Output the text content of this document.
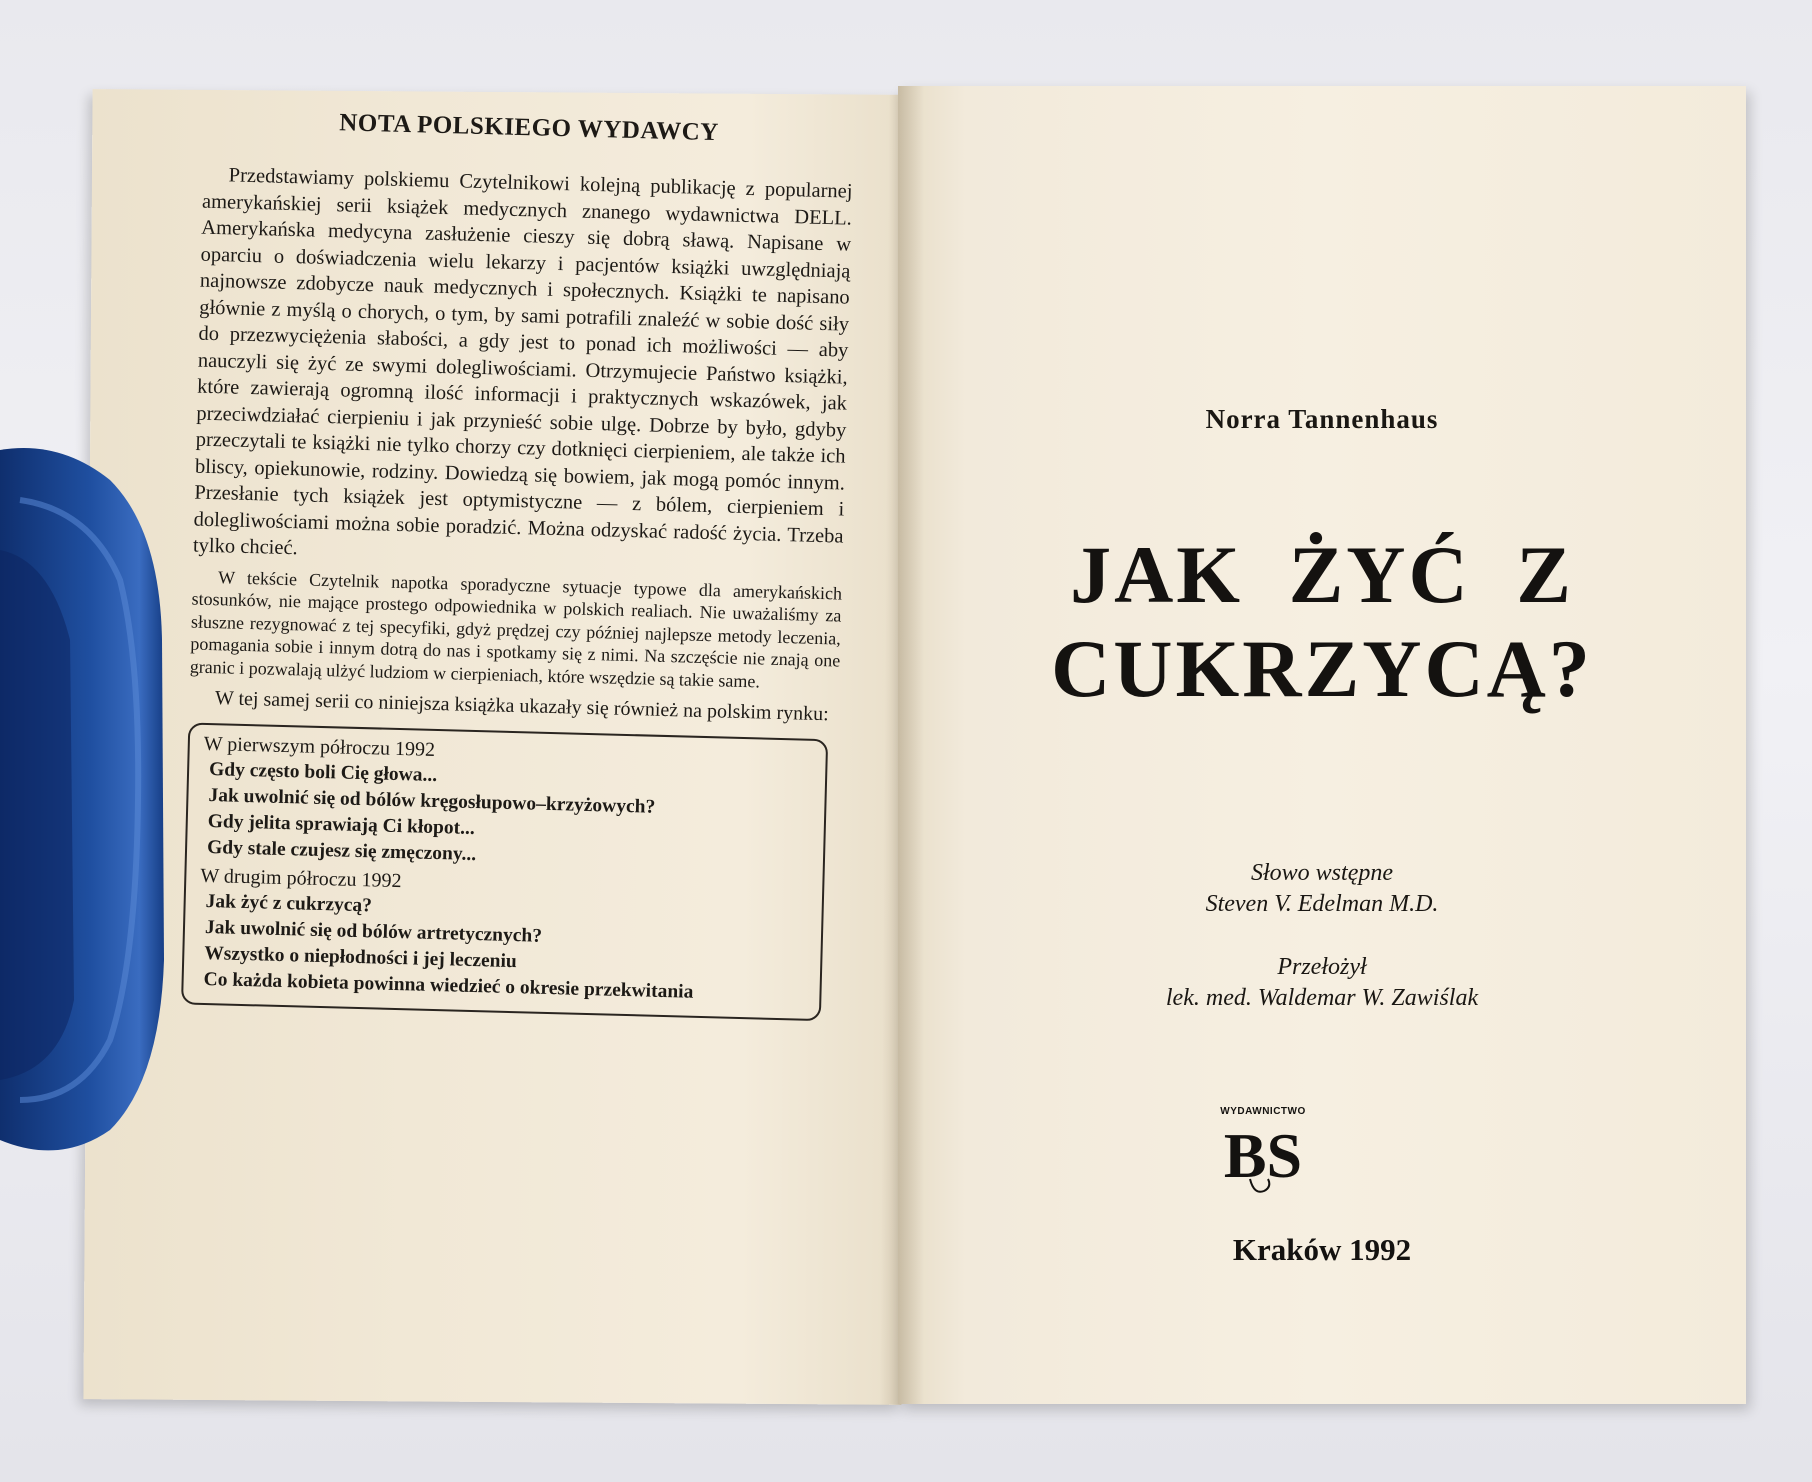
NOTA POLSKIEGO WYDAWCY

Przedstawiamy polskiemu Czytelnikowi kolejną publikację z popularnej amerykańskiej serii książek medycznych znanego wydawnictwa DELL. Amerykańska medycyna zasłużenie cieszy się dobrą sławą. Napisane w oparciu o doświadczenia wielu lekarzy i pacjentów książki uwzględniają najnowsze zdobycze nauk medycznych i społecznych. Książki te napisano głównie z myślą o chorych, o tym, by sami potrafili znaleźć w sobie dość siły do przezwyciężenia słabości, a gdy jest to ponad ich możliwości — aby nauczyli się żyć ze swymi dolegliwościami. Otrzymujecie Państwo książki, które zawierają ogromną ilość informacji i praktycznych wskazówek, jak przeciwdziałać cierpieniu i jak przynieść sobie ulgę. Dobrze by było, gdyby przeczytali te książki nie tylko chorzy czy dotknięci cierpieniem, ale także ich bliscy, opiekunowie, rodziny. Dowiedzą się bowiem, jak mogą pomóc innym. Przesłanie tych książek jest optymistyczne — z bólem, cierpieniem i dolegliwościami można sobie poradzić. Można odzyskać radość życia. Trzeba tylko chcieć.

W tekście Czytelnik napotka sporadyczne sytuacje typowe dla amerykańskich stosunków, nie mające prostego odpowiednika w polskich realiach. Nie uważaliśmy za słuszne rezygnować z tej specyfiki, gdyż prędzej czy później najlepsze metody leczenia, pomagania sobie i innym dotrą do nas i spotkamy się z nimi. Na szczęście nie znają one granic i pozwalają ulżyć ludziom w cierpieniach, które wszędzie są takie same.

W tej samej serii co niniejsza książka ukazały się również na polskim rynku:

W pierwszym półroczu 1992
Gdy często boli Cię głowa...
Jak uwolnić się od bólów kręgosłupowo–krzyżowych?
Gdy jelita sprawiają Ci kłopot...
Gdy stale czujesz się zmęczony...
W drugim półroczu 1992
Jak żyć z cukrzycą?
Jak uwolnić się od bólów artretycznych?
Wszystko o niepłodności i jej leczeniu
Co każda kobieta powinna wiedzieć o okresie przekwitania
Norra Tannenhaus
JAK ŻYĆ Z
CUKRZYCĄ?
Słowo wstępne
Steven V. Edelman M.D.
Przełożył
lek. med. Waldemar W. Zawiślak
WYDAWNICTWO
BS
Kraków 1992
